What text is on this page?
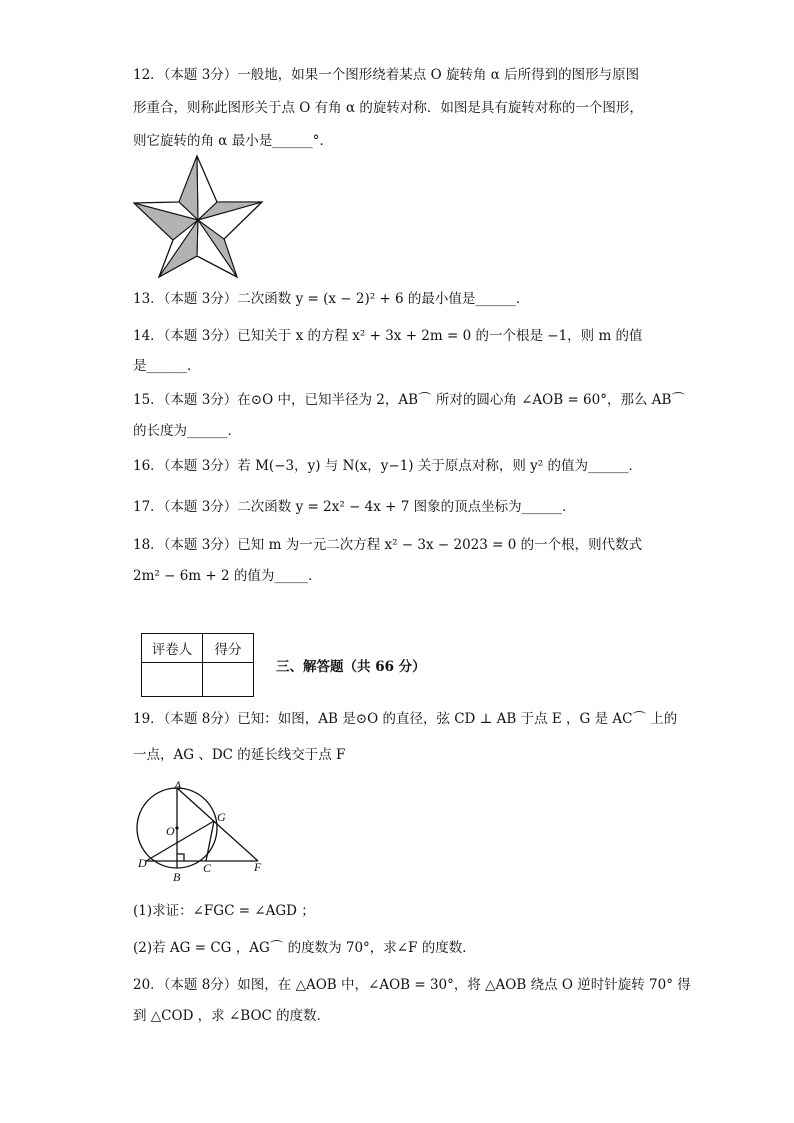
12．（本题 3分）一般地，如果一个图形绕着某点 O 旋转角 α 后所得到的图形与原图
形重合，则称此图形关于点 O 有角 α 的旋转对称．如图是具有旋转对称的一个图形，
则它旋转的角 α 最小是______°．
13．（本题 3分）二次函数 y = (x − 2)² + 6 的最小值是______．
14．（本题 3分）已知关于 x 的方程 x² + 3x + 2m = 0 的一个根是 −1，则 m 的值
是______．
15．（本题 3分）在⊙O 中，已知半径为 2，AB⌒ 所对的圆心角 ∠AOB = 60°，那么 AB⌒
的长度为______．
16．（本题 3分）若 M(−3，y) 与 N(x，y−1) 关于原点对称，则 y² 的值为______．
17．（本题 3分）二次函数 y = 2x² − 4x + 7 图象的顶点坐标为______．
18．（本题 3分）已知 m 为一元二次方程 x² − 3x − 2023 = 0 的一个根，则代数式
2m² − 6m + 2 的值为_____．
评卷人	得分

三、解答题（共 66 分）
19．（本题 8分）已知：如图，AB 是⊙O 的直径，弦 CD ⊥ AB 于点 E ，G 是 AC⌒ 上的
一点，AG 、DC 的延长线交于点 F
A
O
G
D
B
C	F
(1)求证：∠FGC = ∠AGD ；
(2)若 AG = CG ，AG⌒ 的度数为 70°，求∠F 的度数．
20．（本题 8分）如图，在 △AOB 中，∠AOB = 30°，将 △AOB 绕点 O 逆时针旋转 70° 得
到 △COD ，求 ∠BOC 的度数．
